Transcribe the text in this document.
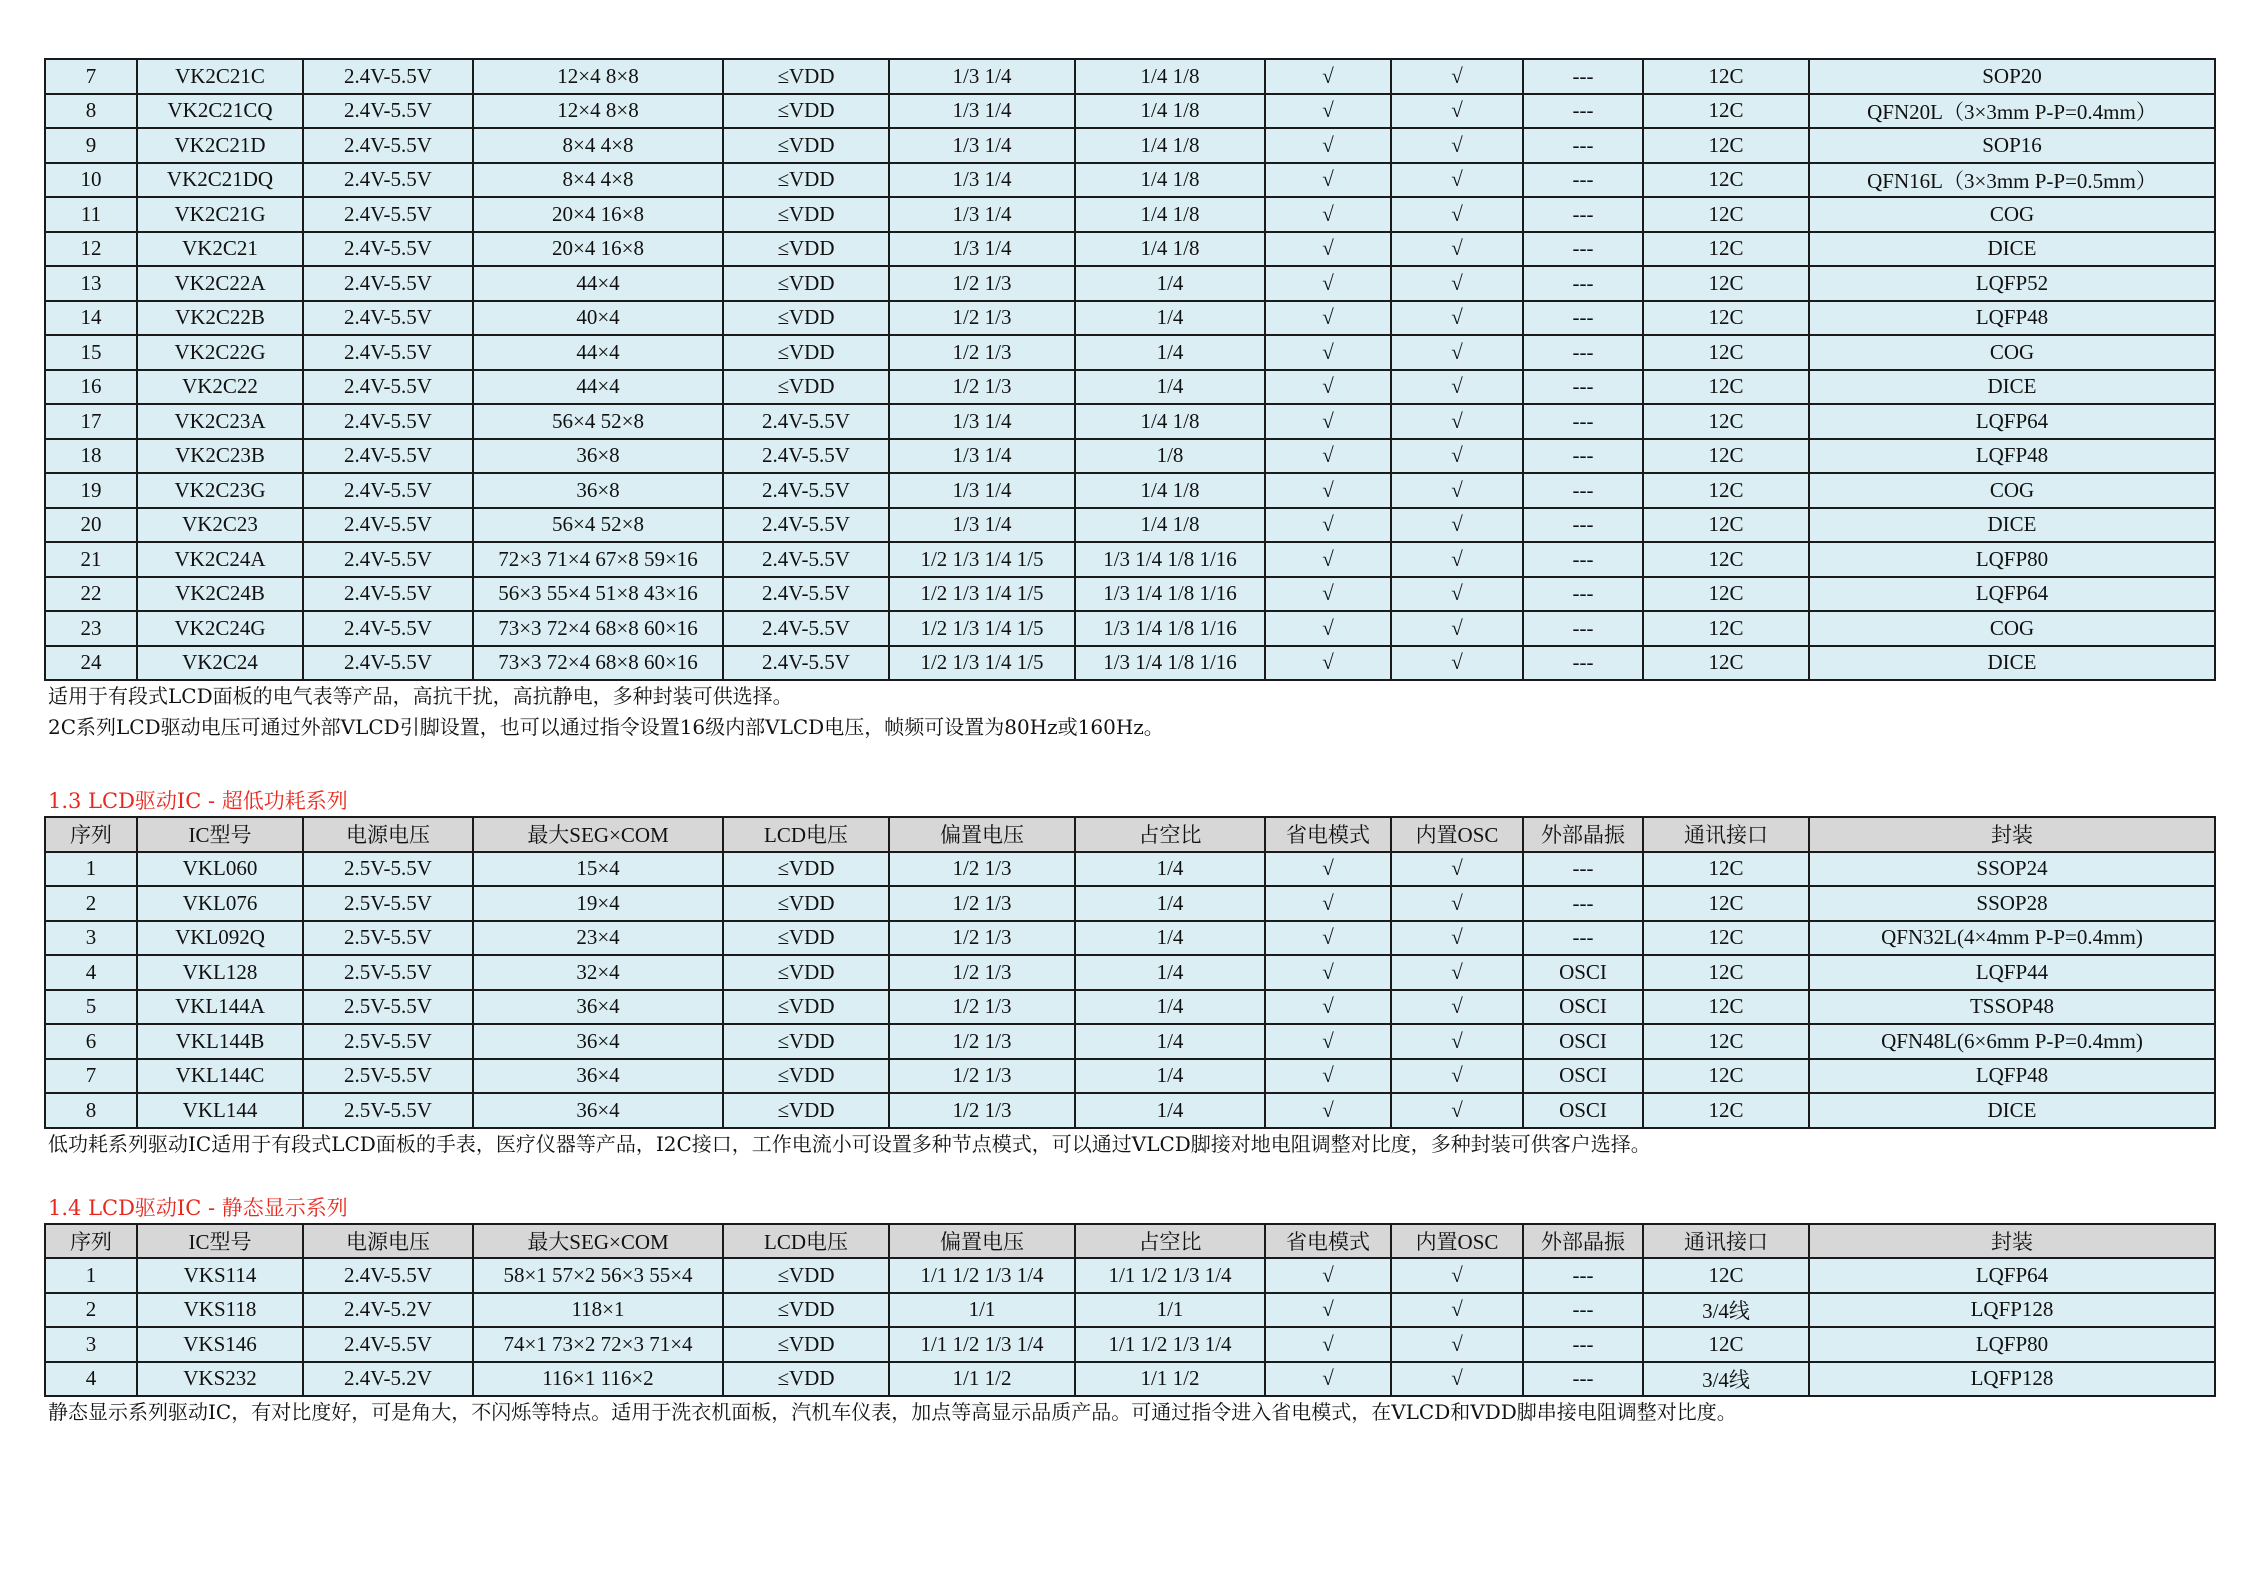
7	VK2C21C	2.4V-5.5V	12×4 8×8	≤VDD	1/3 1/4	1/4 1/8	√	√	---	12C	SOP20
8	VK2C21CQ	2.4V-5.5V	12×4 8×8	≤VDD	1/3 1/4	1/4 1/8	√	√	---	12C	QFN20L（3×3mm P-P=0.4mm）
9	VK2C21D	2.4V-5.5V	8×4 4×8	≤VDD	1/3 1/4	1/4 1/8	√	√	---	12C	SOP16
10	VK2C21DQ	2.4V-5.5V	8×4 4×8	≤VDD	1/3 1/4	1/4 1/8	√	√	---	12C	QFN16L（3×3mm P-P=0.5mm）
11	VK2C21G	2.4V-5.5V	20×4 16×8	≤VDD	1/3 1/4	1/4 1/8	√	√	---	12C	COG
12	VK2C21	2.4V-5.5V	20×4 16×8	≤VDD	1/3 1/4	1/4 1/8	√	√	---	12C	DICE
13	VK2C22A	2.4V-5.5V	44×4	≤VDD	1/2 1/3	1/4	√	√	---	12C	LQFP52
14	VK2C22B	2.4V-5.5V	40×4	≤VDD	1/2 1/3	1/4	√	√	---	12C	LQFP48
15	VK2C22G	2.4V-5.5V	44×4	≤VDD	1/2 1/3	1/4	√	√	---	12C	COG
16	VK2C22	2.4V-5.5V	44×4	≤VDD	1/2 1/3	1/4	√	√	---	12C	DICE
17	VK2C23A	2.4V-5.5V	56×4 52×8	2.4V-5.5V	1/3 1/4	1/4 1/8	√	√	---	12C	LQFP64
18	VK2C23B	2.4V-5.5V	36×8	2.4V-5.5V	1/3 1/4	1/8	√	√	---	12C	LQFP48
19	VK2C23G	2.4V-5.5V	36×8	2.4V-5.5V	1/3 1/4	1/4 1/8	√	√	---	12C	COG
20	VK2C23	2.4V-5.5V	56×4 52×8	2.4V-5.5V	1/3 1/4	1/4 1/8	√	√	---	12C	DICE
21	VK2C24A	2.4V-5.5V	72×3 71×4 67×8 59×16	2.4V-5.5V	1/2 1/3 1/4 1/5	1/3 1/4 1/8 1/16	√	√	---	12C	LQFP80
22	VK2C24B	2.4V-5.5V	56×3 55×4 51×8 43×16	2.4V-5.5V	1/2 1/3 1/4 1/5	1/3 1/4 1/8 1/16	√	√	---	12C	LQFP64
23	VK2C24G	2.4V-5.5V	73×3 72×4 68×8 60×16	2.4V-5.5V	1/2 1/3 1/4 1/5	1/3 1/4 1/8 1/16	√	√	---	12C	COG
24	VK2C24	2.4V-5.5V	73×3 72×4 68×8 60×16	2.4V-5.5V	1/2 1/3 1/4 1/5	1/3 1/4 1/8 1/16	√	√	---	12C	DICE

适用于有段式LCD面板的电气表等产品，高抗干扰，高抗静电，多种封装可供选择。

2C系列LCD驱动电压可通过外部VLCD引脚设置，也可以通过指令设置16级内部VLCD电压，帧频可设置为80Hz或160Hz。

1.3 LCD驱动IC - 超低功耗系列

序列	IC型号	电源电压	最大SEG×COM	LCD电压	偏置电压	占空比	省电模式	内置OSC	外部晶振	通讯接口	封装
1	VKL060	2.5V-5.5V	15×4	≤VDD	1/2 1/3	1/4	√	√	---	12C	SSOP24
2	VKL076	2.5V-5.5V	19×4	≤VDD	1/2 1/3	1/4	√	√	---	12C	SSOP28
3	VKL092Q	2.5V-5.5V	23×4	≤VDD	1/2 1/3	1/4	√	√	---	12C	QFN32L(4×4mm P-P=0.4mm)
4	VKL128	2.5V-5.5V	32×4	≤VDD	1/2 1/3	1/4	√	√	OSCI	12C	LQFP44
5	VKL144A	2.5V-5.5V	36×4	≤VDD	1/2 1/3	1/4	√	√	OSCI	12C	TSSOP48
6	VKL144B	2.5V-5.5V	36×4	≤VDD	1/2 1/3	1/4	√	√	OSCI	12C	QFN48L(6×6mm P-P=0.4mm)
7	VKL144C	2.5V-5.5V	36×4	≤VDD	1/2 1/3	1/4	√	√	OSCI	12C	LQFP48
8	VKL144	2.5V-5.5V	36×4	≤VDD	1/2 1/3	1/4	√	√	OSCI	12C	DICE

低功耗系列驱动IC适用于有段式LCD面板的手表，医疗仪器等产品，I2C接口，工作电流小可设置多种节点模式，可以通过VLCD脚接对地电阻调整对比度，多种封装可供客户选择。

1.4 LCD驱动IC - 静态显示系列

序列	IC型号	电源电压	最大SEG×COM	LCD电压	偏置电压	占空比	省电模式	内置OSC	外部晶振	通讯接口	封装
1	VKS114	2.4V-5.5V	58×1 57×2 56×3 55×4	≤VDD	1/1 1/2 1/3 1/4	1/1 1/2 1/3 1/4	√	√	---	12C	LQFP64
2	VKS118	2.4V-5.2V	118×1	≤VDD	1/1	1/1	√	√	---	3/4线	LQFP128
3	VKS146	2.4V-5.5V	74×1 73×2 72×3 71×4	≤VDD	1/1 1/2 1/3 1/4	1/1 1/2 1/3 1/4	√	√	---	12C	LQFP80
4	VKS232	2.4V-5.2V	116×1 116×2	≤VDD	1/1 1/2	1/1 1/2	√	√	---	3/4线	LQFP128

静态显示系列驱动IC，有对比度好，可是角大，不闪烁等特点。适用于洗衣机面板，汽机车仪表，加点等高显示品质产品。可通过指令进入省电模式，在VLCD和VDD脚串接电阻调整对比度。
